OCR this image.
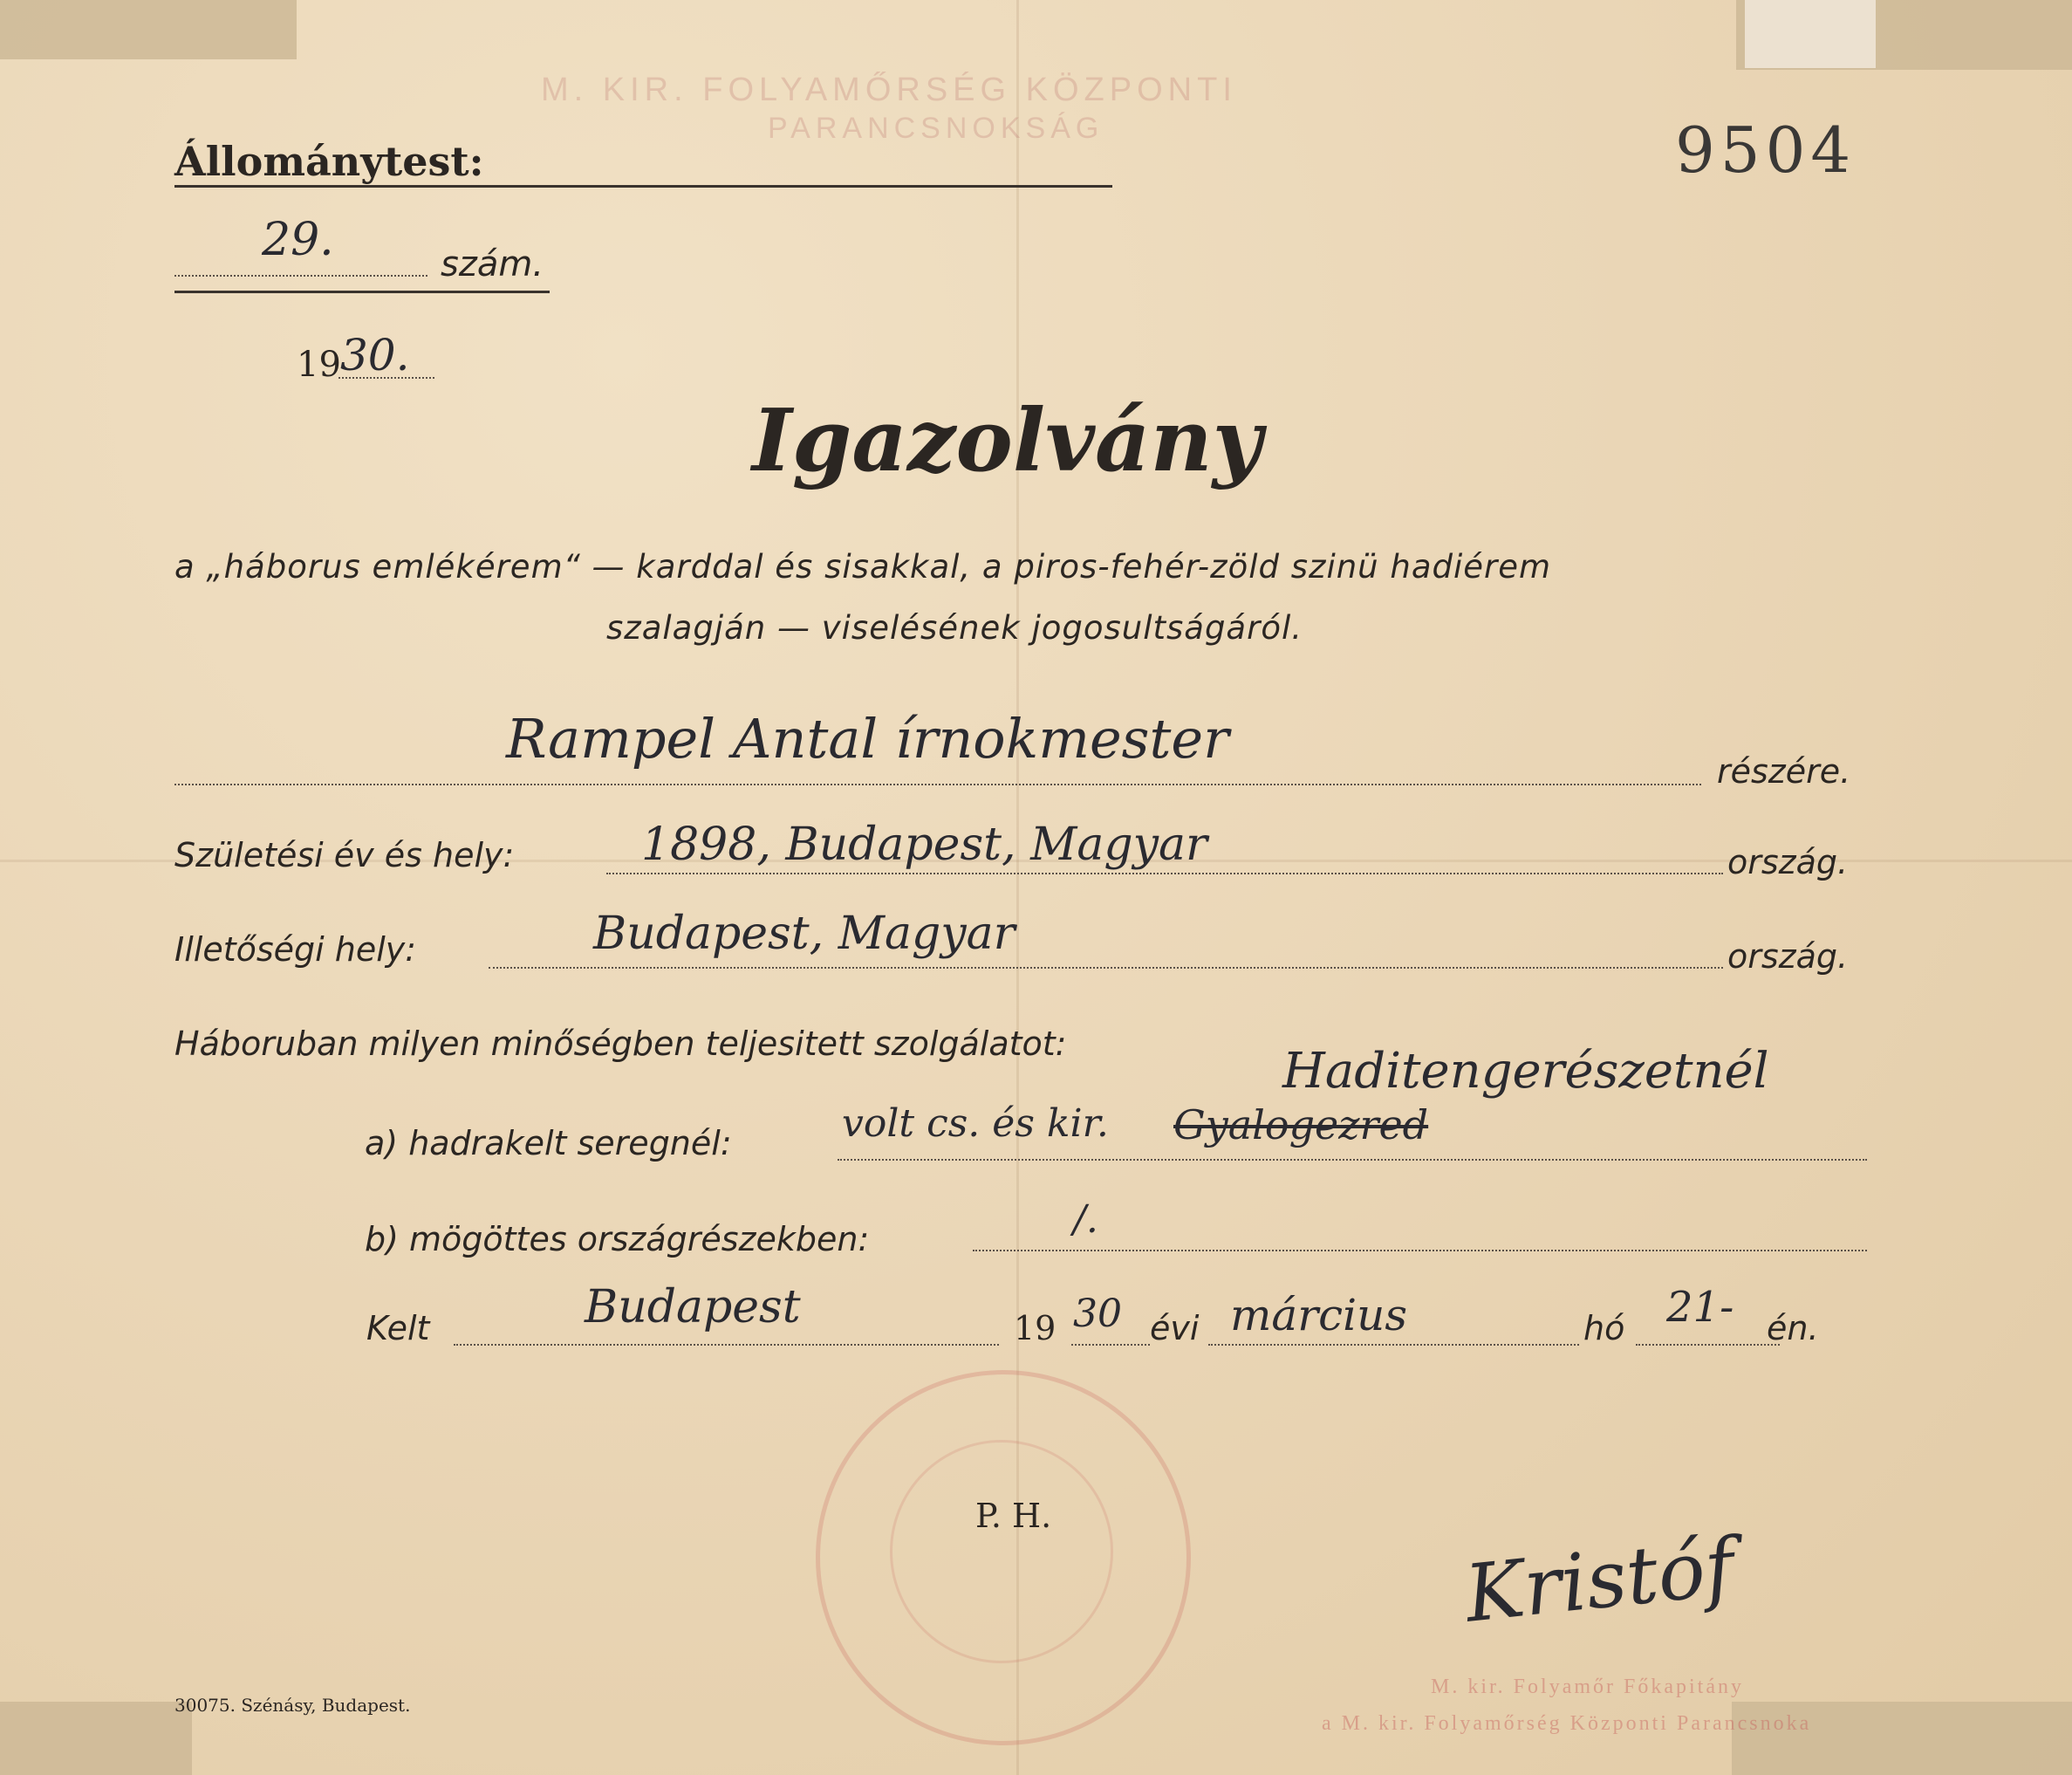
M. KIR. FOLYAMŐRSÉG KÖZPONTI
PARANCSNOKSÁG
Állománytest:	9504
29.	szám.
19 30.
Igazolvány
a „háborus emlékérem“ — karddal és sisakkal, a piros-fehér-zöld szinü hadiérem
szalagján — viselésének jogosultságáról.
Rampel Antal írnokmester
részére.
Születési év és hely:	1898, Budapest, Magyar	ország.
Illetőségi hely:	Budapest, Magyar	ország.
Háboruban milyen minőségben teljesitett szolgálatot:	Haditengerészetnél
a) hadrakelt seregnél:	volt cs. és kir. Gyalogezred
b) mögöttes országrészekben:	/.
Kelt	Budapest	19 30 évi március	hó 21- én.
P. H.
Kristóf
30075. Szénásy, Budapest.
M. kir. Folyamőr Főkapitány
a M. kir. Folyamőrség Központi Parancsnoka
